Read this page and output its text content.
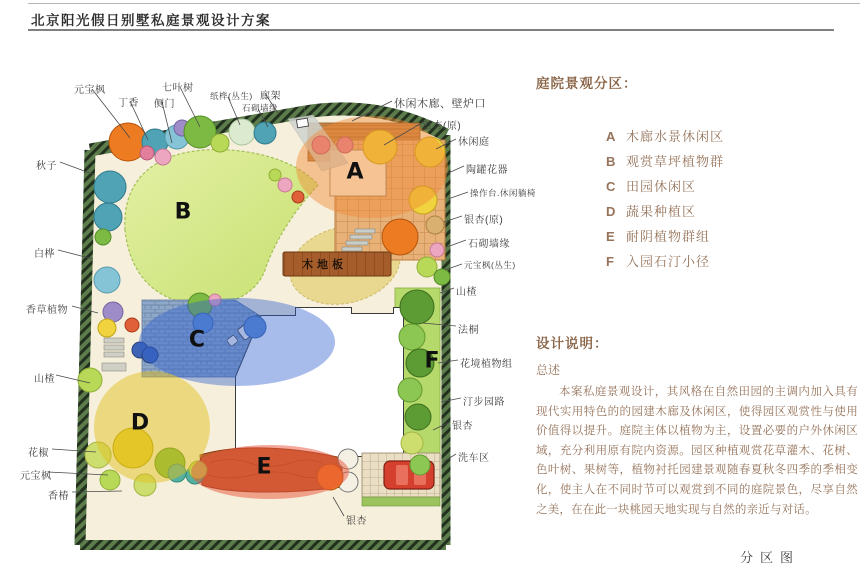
北京阳光假日别墅私庭景观设计方案
元宝枫
丁香 侧门
七叶树
纸桦(丛生) 廊架
石砌墙缘	休闲木廊、壁炉口
银杏(原)
休闲庭
陶罐花器
操作台.休闲躺椅
银杏(原)
石砌墙缘
元宝枫(丛生)
山楂
法桐
花境植物组
汀步园路
银杏
洗车区
秋子
白桦
香草植物
山楂
花椒
元宝枫
香椿
银杏
木地板
A
B
C
D
E
F
庭院景观分区：
A 木廊水景休闲区
B 观赏草坪植物群
C 田园休闲区
D 蔬果种植区
E 耐阴植物群组
F 入园石汀小径
设计说明：
总述
本案私庭景观设计，其风格在自然田园的主调内加入具有现代实用特色的的园建木廊及休闲区，使得园区观赏性与使用价值得以提升。庭院主体以植物为主，设置必要的户外休闲区域，充分利用原有院内资源。园区种植观赏花草灌木、花树、色叶树、果树等，植物衬托园建景观随春夏秋冬四季的季相变化，使主人在不同时节可以观赏到不同的庭院景色，尽享自然之美，在在此一块桃园天地实现与自然的亲近与对话。
分区图
